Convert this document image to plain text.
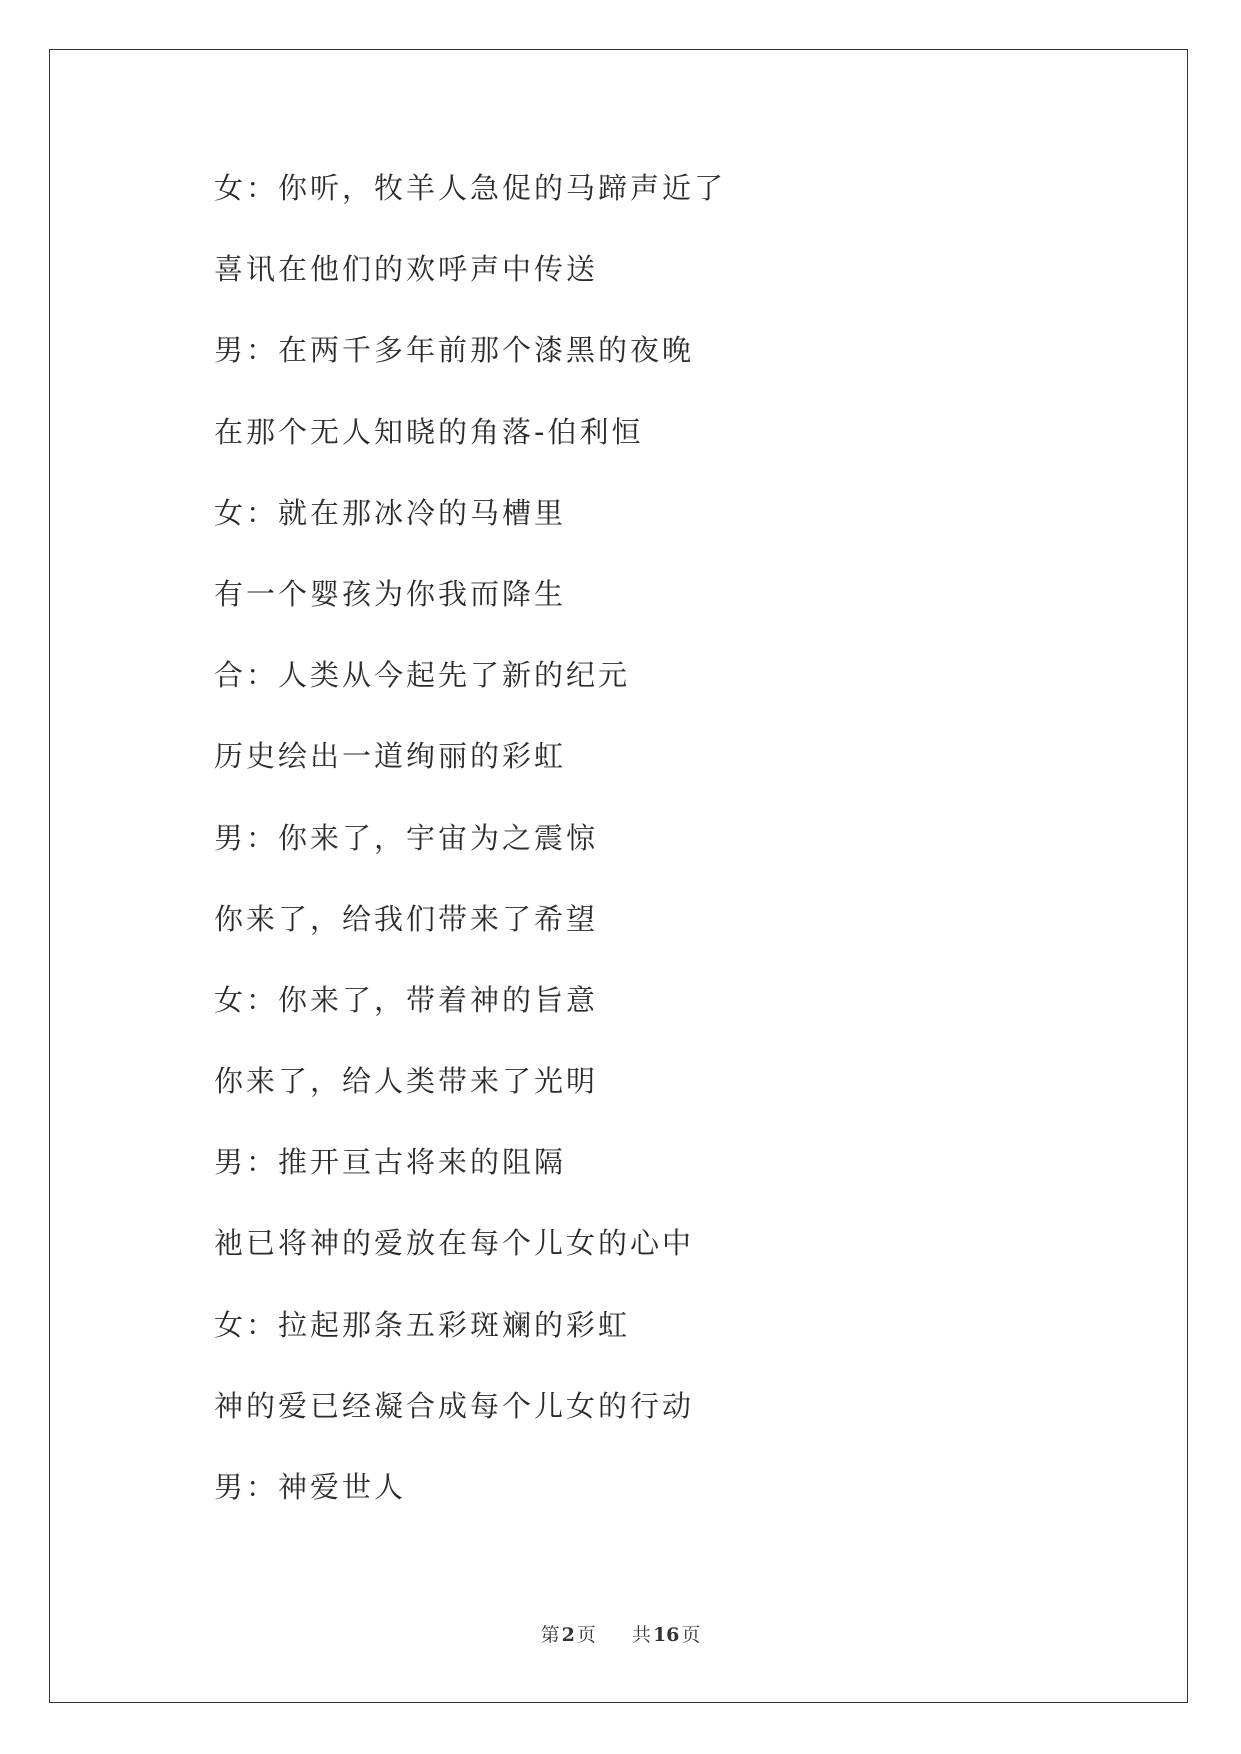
女：你听，牧羊人急促的马蹄声近了
喜讯在他们的欢呼声中传送
男：在两千多年前那个漆黑的夜晚
在那个无人知晓的角落-伯利恒
女：就在那冰冷的马槽里
有一个婴孩为你我而降生
合：人类从今起先了新的纪元
历史绘出一道绚丽的彩虹
男：你来了，宇宙为之震惊
你来了，给我们带来了希望
女：你来了，带着神的旨意
你来了，给人类带来了光明
男：推开亘古将来的阻隔
祂已将神的爱放在每个儿女的心中
女：拉起那条五彩斑斓的彩虹
神的爱已经凝合成每个儿女的行动
男：神爱世人
第 2 页 共 16 页
